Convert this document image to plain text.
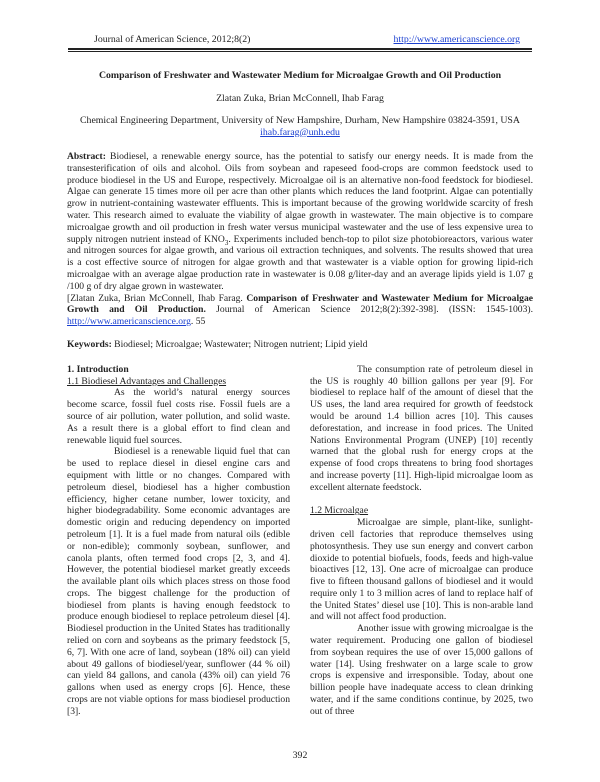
Journal of American Science, 2012;8(2)	http://www.americanscience.org
Comparison of Freshwater and Wastewater Medium for Microalgae Growth and Oil Production
Zlatan Zuka, Brian McConnell, Ihab Farag
Chemical Engineering Department, University of New Hampshire, Durham, New Hampshire 03824-3591, USA
ihab.farag@unh.edu

Abstract: Biodiesel, a renewable energy source, has the potential to satisfy our energy needs. It is made from the transesterification of oils and alcohol. Oils from soybean and rapeseed food-crops are common feedstock used to produce biodiesel in the US and Europe, respectively. Microalgae oil is an alternative non-food feedstock for biodiesel. Algae can generate 15 times more oil per acre than other plants which reduces the land footprint. Algae can potentially grow in nutrient-containing wastewater effluents. This is important because of the growing worldwide scarcity of fresh water. This research aimed to evaluate the viability of algae growth in wastewater. The main objective is to compare microalgae growth and oil production in fresh water versus municipal wastewater and the use of less expensive urea to supply nitrogen nutrient instead of $KNO_3$. Experiments included bench-top to pilot size photobioreactors, various water and nitrogen sources for algae growth, and various oil extraction techniques, and solvents. The results showed that urea is a cost effective source of nitrogen for algae growth and that wastewater is a viable option for growing lipid-rich microalgae with an average algae production rate in wastewater is 0.08 g/liter-day and an average lipids yield is 1.07 g /100 g of dry algae grown in wastewater.

[Zlatan Zuka, Brian McConnell, Ihab Farag. Comparison of Freshwater and Wastewater Medium for Microalgae Growth and Oil Production. Journal of American Science 2012;8(2):392-398]. (ISSN: 1545-1003). http://www.americanscience.org. 55

Keywords: Biodiesel; Microalgae; Wastewater; Nitrogen nutrient; Lipid yield

1. Introduction

1.1 Biodiesel Advantages and Challenges

As the world’s natural energy sources become scarce, fossil fuel costs rise. Fossil fuels are a source of air pollution, water pollution, and solid waste. As a result there is a global effort to find clean and renewable liquid fuel sources.

Biodiesel is a renewable liquid fuel that can be used to replace diesel in diesel engine cars and equipment with little or no changes. Compared with petroleum diesel, biodiesel has a higher combustion efficiency, higher cetane number, lower toxicity, and higher biodegradability. Some economic advantages are domestic origin and reducing dependency on imported petroleum [1]. It is a fuel made from natural oils (edible or non-edible); commonly soybean, sunflower, and canola plants, often termed food crops [2, 3, and 4]. However, the potential biodiesel market greatly exceeds the available plant oils which places stress on those food crops. The biggest challenge for the production of biodiesel from plants is having enough feedstock to produce enough biodiesel to replace petroleum diesel [4]. Biodiesel production in the United States has traditionally relied on corn and soybeans as the primary feedstock [5, 6, 7]. With one acre of land, soybean (18% oil) can yield about 49 gallons of biodiesel/year, sunflower (44 % oil) can yield 84 gallons, and canola (43% oil) can yield 76 gallons when used as energy crops [6]. Hence, these crops are not viable options for mass biodiesel production [3].

The consumption rate of petroleum diesel in the US is roughly 40 billion gallons per year [9]. For biodiesel to replace half of the amount of diesel that the US uses, the land area required for growth of feedstock would be around 1.4 billion acres [10]. This causes deforestation, and increase in food prices. The United Nations Environmental Program (UNEP) [10] recently warned that the global rush for energy crops at the expense of food crops threatens to bring food shortages and increase poverty [11]. High-lipid microalgae loom as excellent alternate feedstock.

1.2 Microalgae

Microalgae are simple, plant-like, sunlight-driven cell factories that reproduce themselves using photosynthesis. They use sun energy and convert carbon dioxide to potential biofuels, foods, feeds and high-value bioactives [12, 13]. One acre of microalgae can produce five to fifteen thousand gallons of biodiesel and it would require only 1 to 3 million acres of land to replace half of the United States’ diesel use [10]. This is non-arable land and will not affect food production.

Another issue with growing microalgae is the water requirement. Producing one gallon of biodiesel from soybean requires the use of over 15,000 gallons of water [14]. Using freshwater on a large scale to grow crops is expensive and irresponsible. Today, about one billion people have inadequate access to clean drinking water, and if the same conditions continue, by 2025, two out of three

392
